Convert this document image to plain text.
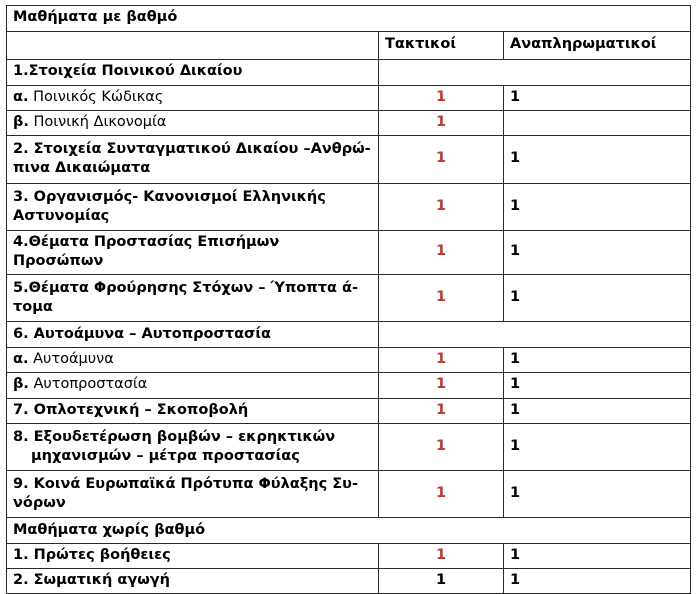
Μαθήματα με βαθμό		
	Τακτικοί	Αναπληρωματικοί
1.Στοιχεία Ποινικού Δικαίου		
α. Ποινικός Κώδικας	1	1
β. Ποινική Δικονομία	1	
2. Στοιχεία Συνταγματικού Δικαίου –Ανθρώ-
πινα Δικαιώματα	1	1
3. Οργανισμός- Κανονισμοί Ελληνικής
Αστυνομίας	1	1
4.Θέματα Προστασίας Επισήμων Προσώπων	1	1
5.Θέματα Φρούρησης Στόχων – Ύποπτα ά-
τομα	1	1
6. Αυτοάμυνα – Αυτοπροστασία		
α. Αυτοάμυνα	1	1
β. Αυτοπροστασία	1	1
7. Οπλοτεχνική – Σκοποβολή	1	1
8. Εξουδετέρωση βομβών – εκρηκτικών
μηχανισμών – μέτρα προστασίας	1	1
9. Κοινά Ευρωπαϊκά Πρότυπα Φύλαξης Συ-
νόρων	1	1
Μαθήματα χωρίς βαθμό		
1. Πρώτες βοήθειες	1	1
2. Σωματική αγωγή	1	1
